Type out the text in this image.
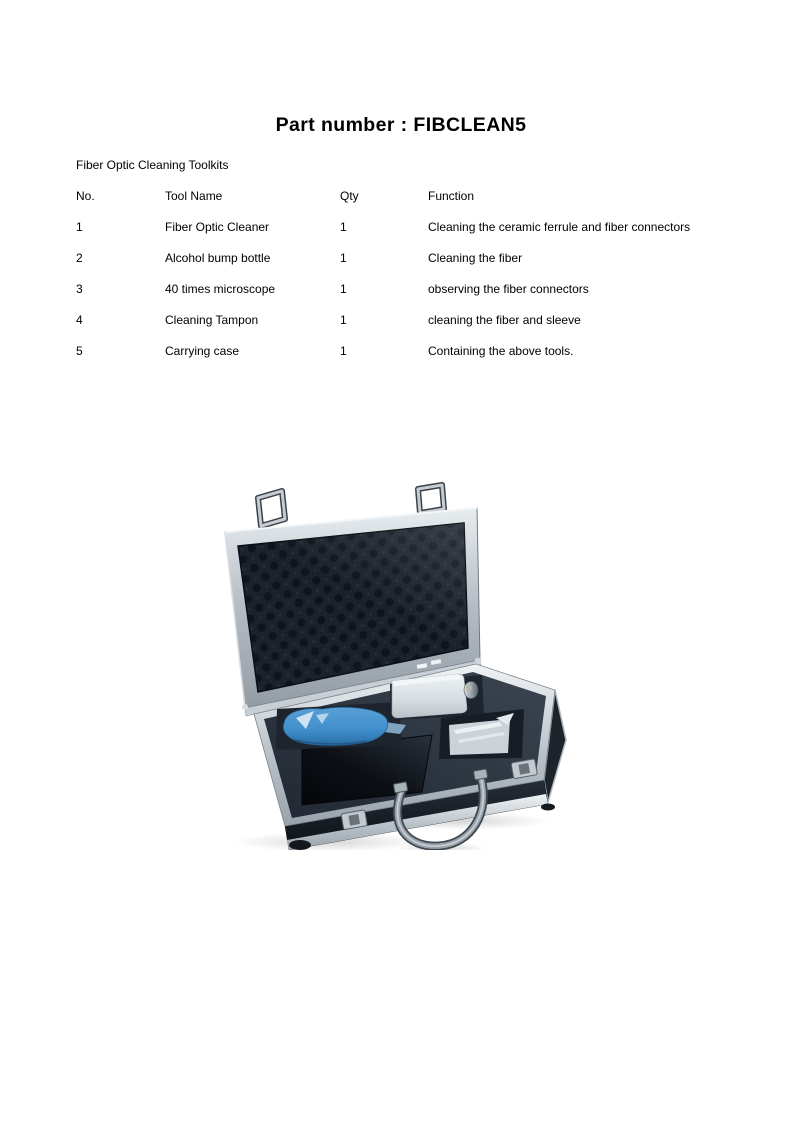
Part number : FIBCLEAN5
Fiber Optic Cleaning Toolkits
No.	Tool Name	Qty	Function
1	Fiber Optic Cleaner	1	Cleaning the ceramic ferrule and fiber connectors
2	Alcohol bump bottle	1	Cleaning the fiber
3	40 times microscope	1	observing the fiber connectors
4	Cleaning Tampon	1	cleaning the fiber and sleeve
5	Carrying case	1	Containing the above tools.
